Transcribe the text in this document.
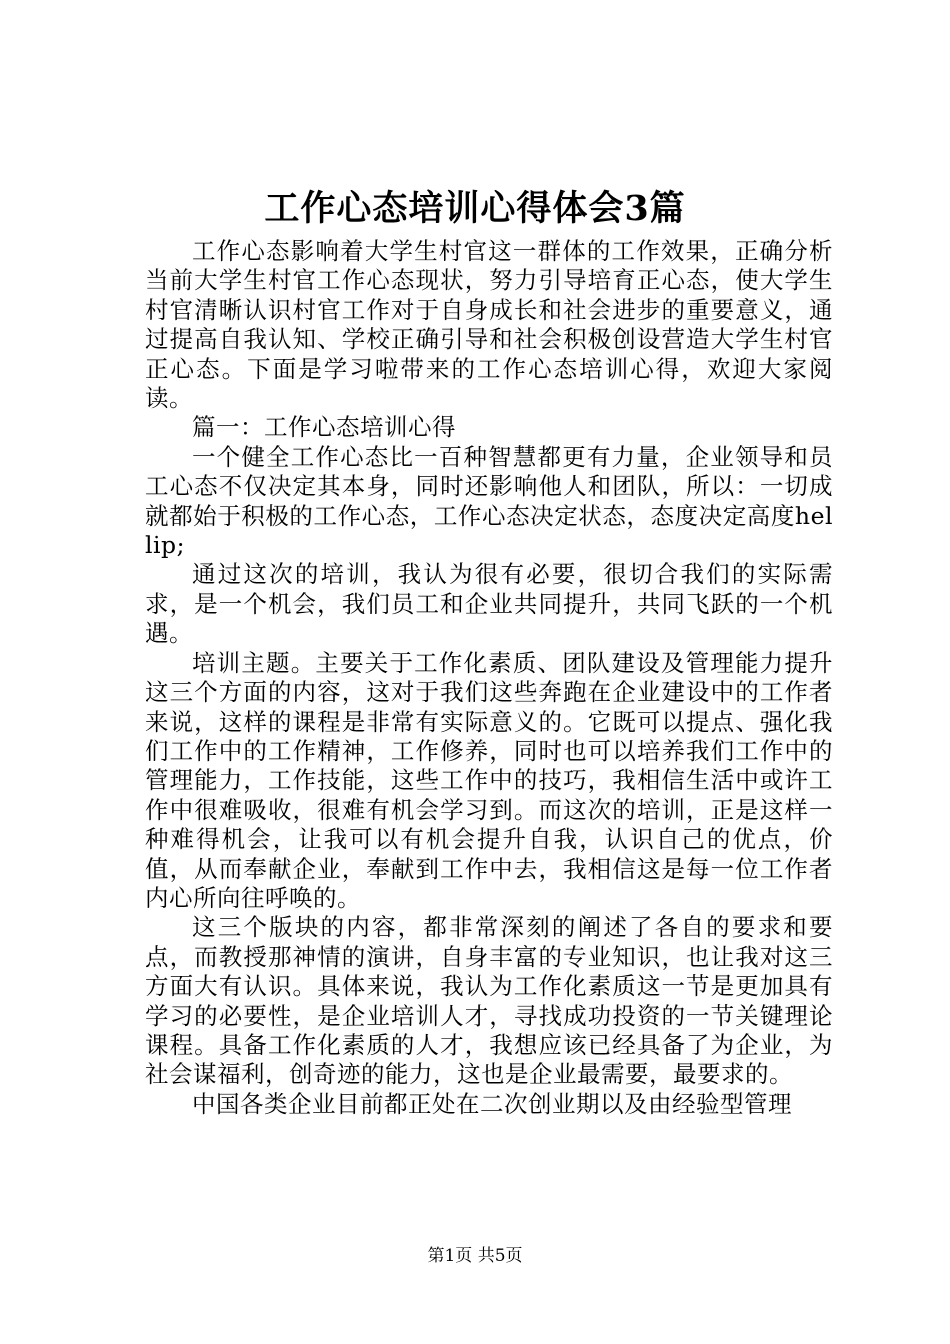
工作心态培训心得体会3篇

工作心态影响着大学生村官这一群体的工作效果，正确分析当前大学生村官工作心态现状，努力引导培育正心态，使大学生村官清晰认识村官工作对于自身成长和社会进步的重要意义，通过提高自我认知、学校正确引导和社会积极创设营造大学生村官正心态。下面是学习啦带来的工作心态培训心得，欢迎大家阅读。

篇一：工作心态培训心得

一个健全工作心态比一百种智慧都更有力量，企业领导和员工心态不仅决定其本身，同时还影响他人和团队，所以：一切成就都始于积极的工作心态，工作心态决定状态，态度决定高度hellip;

通过这次的培训，我认为很有必要，很切合我们的实际需求，是一个机会，我们员工和企业共同提升，共同飞跃的一个机遇。

培训主题。主要关于工作化素质、团队建设及管理能力提升这三个方面的内容，这对于我们这些奔跑在企业建设中的工作者来说，这样的课程是非常有实际意义的。它既可以提点、强化我们工作中的工作精神，工作修养，同时也可以培养我们工作中的管理能力，工作技能，这些工作中的技巧，我相信生活中或许工作中很难吸收，很难有机会学习到。而这次的培训，正是这样一种难得机会，让我可以有机会提升自我，认识自己的优点，价值，从而奉献企业，奉献到工作中去，我相信这是每一位工作者内心所向往呼唤的。

这三个版块的内容，都非常深刻的阐述了各自的要求和要点，而教授那神情的演讲，自身丰富的专业知识，也让我对这三方面大有认识。具体来说，我认为工作化素质这一节是更加具有学习的必要性，是企业培训人才，寻找成功投资的一节关键理论课程。具备工作化素质的人才，我想应该已经具备了为企业，为社会谋福利，创奇迹的能力，这也是企业最需要，最要求的。

中国各类企业目前都正处在二次创业期以及由经验型管理

第1页 共5页
